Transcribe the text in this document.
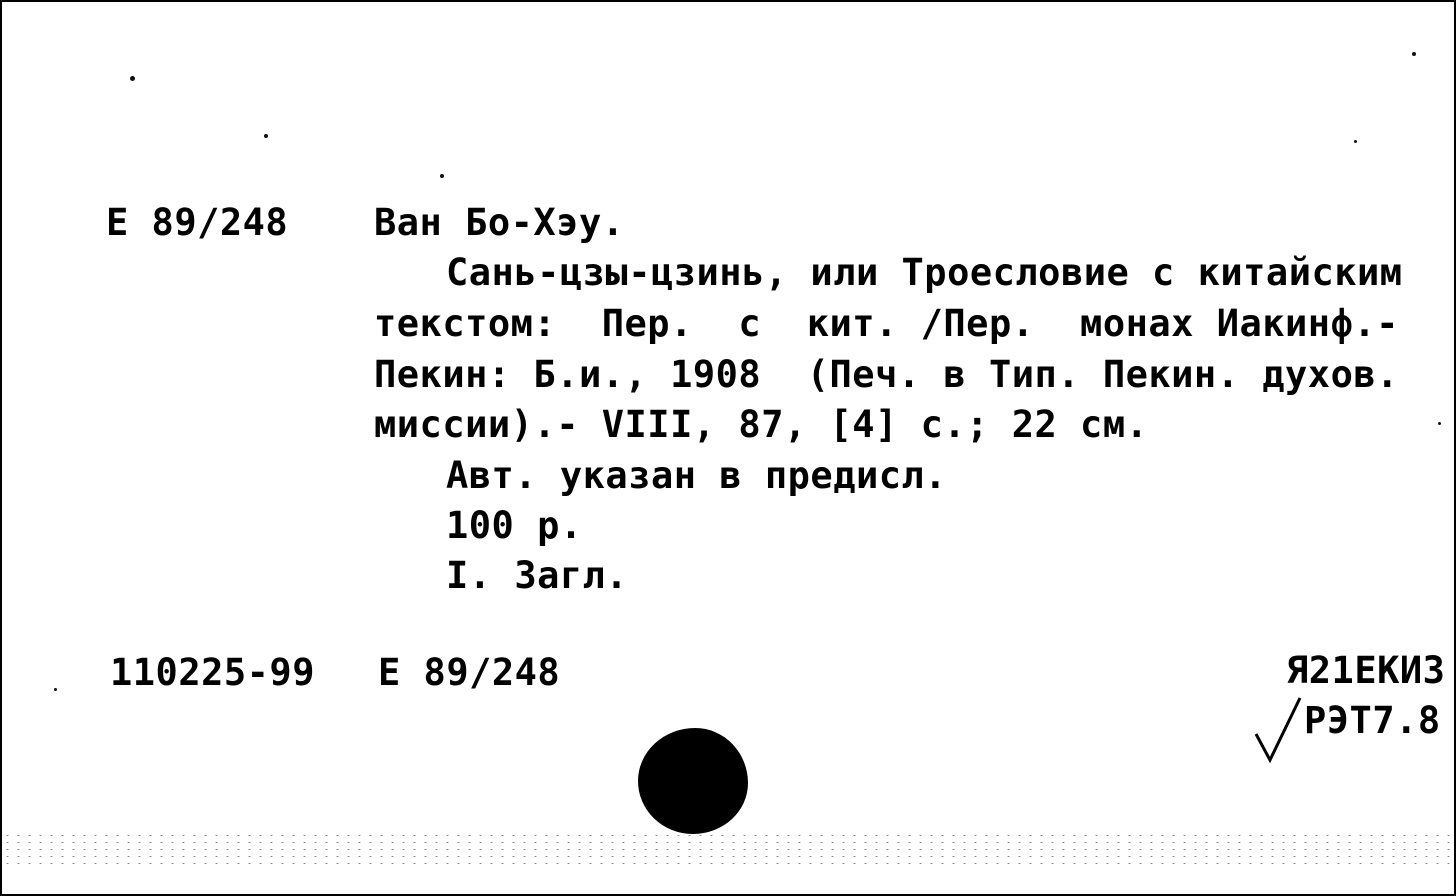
E 89/248 Ван Бо-Хэу.
Сань-цзы-цзинь, или Троесловие с китайским
текстом:  Пер.  с  кит. /Пер.  монах Иакинф.-
Пекин: Б.и., 1908  (Печ. в Тип. Пекин. духов.
миссии).- VIII, 87, [4] с.; 22 см.
Авт. указан в предисл.
100 р.
I. Загл.
110225-99 E 89/248	Я21ЕКИЗ
РЭТ7.8
